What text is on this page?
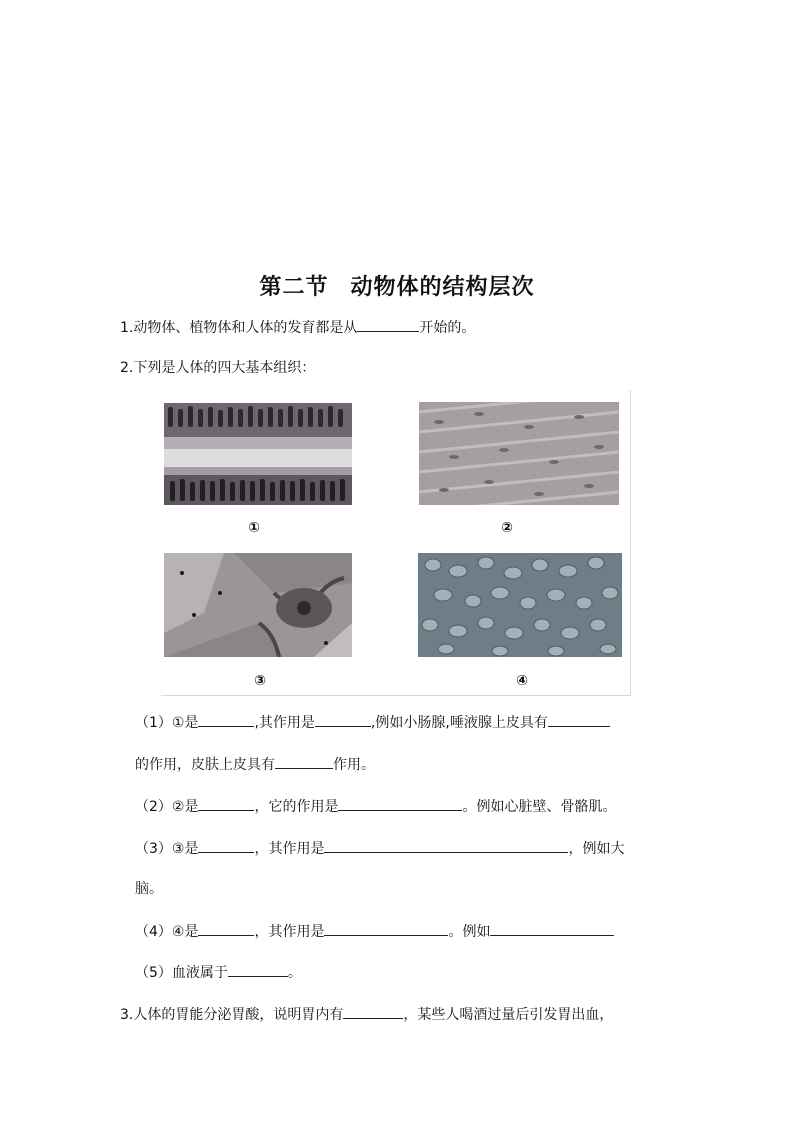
第二节 动物体的结构层次
1.动物体、植物体和人体的发育都是从	开始的。
2.下列是人体的四大基本组织：
①	②
③	④
（1）①是	,其作用是	,例如小肠腺,唾液腺上皮具有
的作用，皮肤上皮具有	作用。
（2）②是	，它的作用是	。例如心脏壁、骨骼肌。
（3）③是	，其作用是	，例如大
脑。
（4）④是	，其作用是	。例如
（5）血液属于	。
3.人体的胃能分泌胃酸，说明胃内有	，某些人喝酒过量后引发胃出血，
